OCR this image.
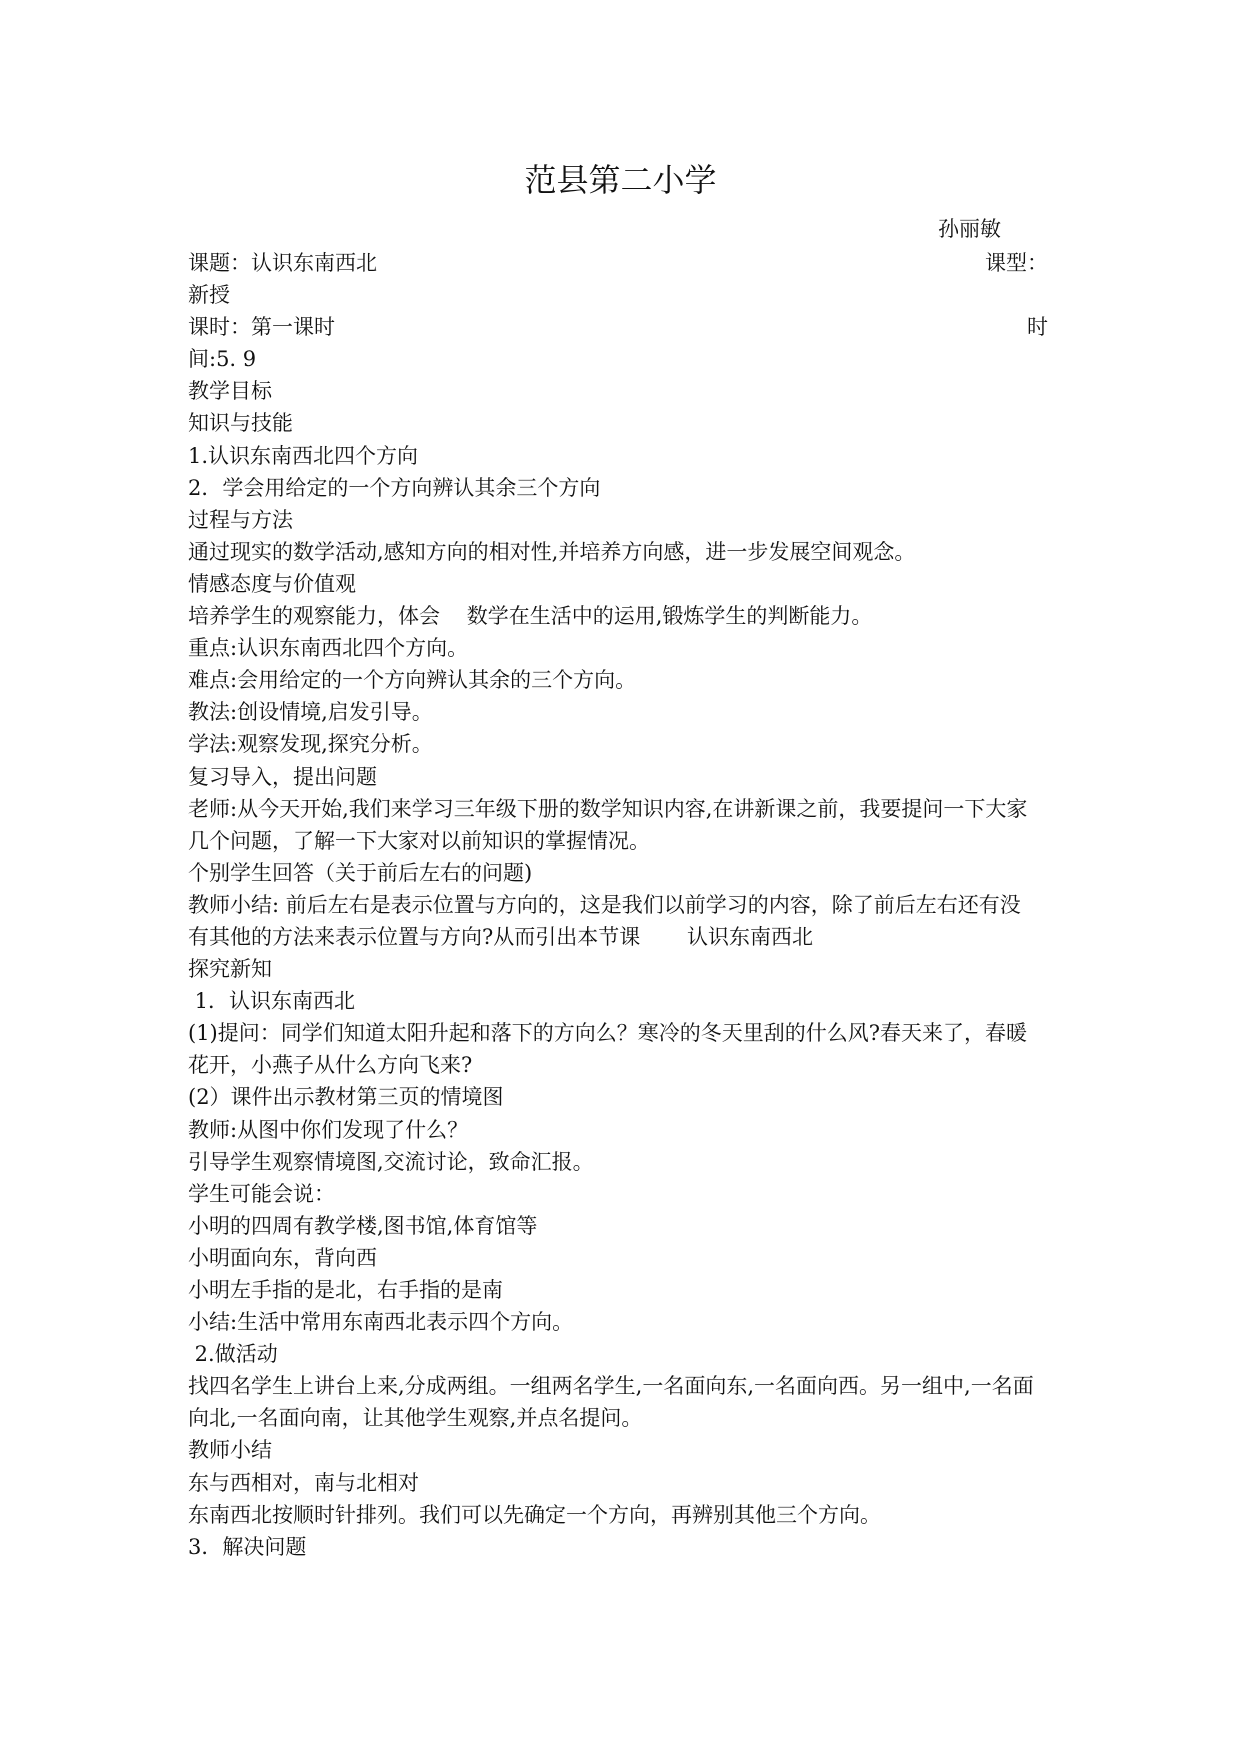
范县第二小学
孙丽敏
课题：认识东南西北	课型：
新授
课时：第一课时	时
间:5. 9
教学目标
知识与技能
1.认识东南西北四个方向
2．学会用给定的一个方向辨认其余三个方向
过程与方法
通过现实的数学活动,感知方向的相对性,并培养方向感，进一步发展空间观念。
情感态度与价值观
培养学生的观察能力，体会    数学在生活中的运用,锻炼学生的判断能力。
重点:认识东南西北四个方向。
难点:会用给定的一个方向辨认其余的三个方向。
教法:创设情境,启发引导。
学法:观察发现,探究分析。
复习导入，提出问题
老师:从今天开始,我们来学习三年级下册的数学知识内容,在讲新课之前，我要提问一下大家
几个问题，了解一下大家对以前知识的掌握情况。
个别学生回答（关于前后左右的问题)
教师小结: 前后左右是表示位置与方向的，这是我们以前学习的内容，除了前后左右还有没
有其他的方法来表示位置与方向?从而引出本节课       认识东南西北
探究新知
1．认识东南西北
(1)提问：同学们知道太阳升起和落下的方向么？寒冷的冬天里刮的什么风?春天来了，春暖
花开，小燕子从什么方向飞来?
(2）课件出示教材第三页的情境图
教师:从图中你们发现了什么？
引导学生观察情境图,交流讨论，致命汇报。
学生可能会说：
小明的四周有教学楼,图书馆,体育馆等
小明面向东，背向西
小明左手指的是北，右手指的是南
小结:生活中常用东南西北表示四个方向。
2.做活动
找四名学生上讲台上来,分成两组。一组两名学生,一名面向东,一名面向西。另一组中,一名面
向北,一名面向南，让其他学生观察,并点名提问。
教师小结
东与西相对，南与北相对
东南西北按顺时针排列。我们可以先确定一个方向，再辨别其他三个方向。
3．解决问题
